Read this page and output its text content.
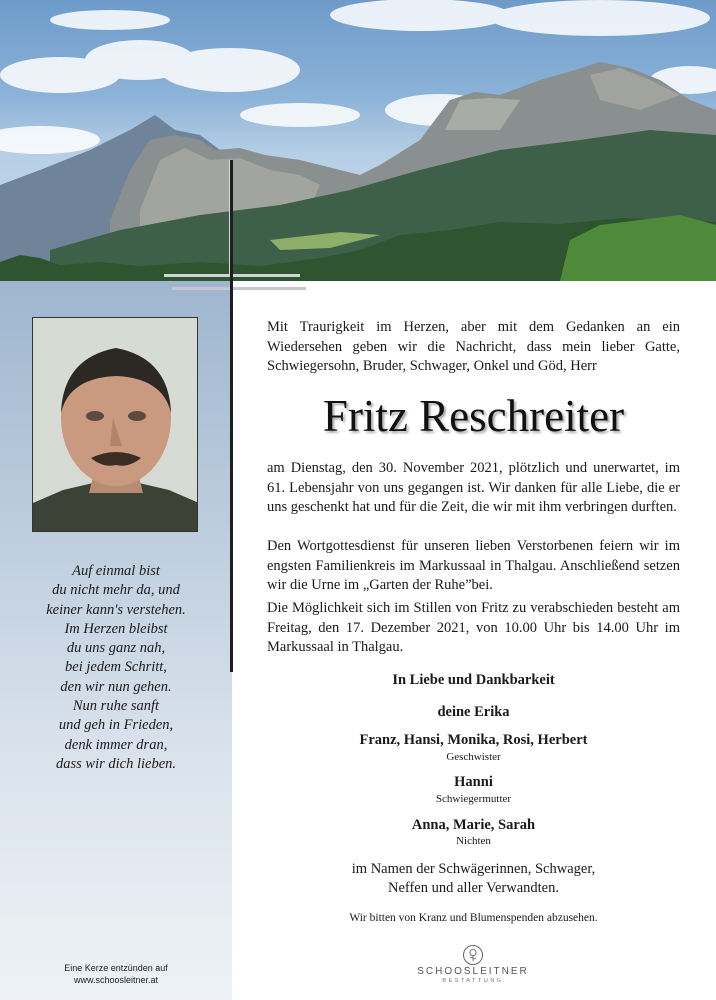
Auf einmal bist
du nicht mehr da, und
keiner kann's verstehen.
Im Herzen bleibst
du uns ganz nah,
bei jedem Schritt,
den wir nun gehen.
Nun ruhe sanft
und geh in Frieden,
denk immer dran,
dass wir dich lieben.
Eine Kerze entzünden auf
www.schoosleitner.at
Mit Traurigkeit im Herzen, aber mit dem Gedanken an ein Wiedersehen geben wir die Nachricht, dass mein lieber Gatte, Schwiegersohn, Bruder, Schwager, Onkel und Göd, Herr
Fritz Reschreiter

am Dienstag, den 30. November 2021, plötzlich und unerwartet, im 61. Lebensjahr von uns gegangen ist. Wir danken für alle Liebe, die er uns geschenkt hat und für die Zeit, die wir mit ihm verbringen durften.

Den Wortgottesdienst für unseren lieben Verstorbenen feiern wir im engsten Familienkreis im Markussaal in Thalgau. Anschließend setzen wir die Urne im „Garten der Ruhe”bei.

Die Möglichkeit sich im Stillen von Fritz zu verabschieden besteht am Freitag, den 17. Dezember 2021, von 10.00 Uhr bis 14.00 Uhr im Markussaal in Thalgau.

In Liebe und Dankbarkeit
deine Erika
Franz, Hansi, Monika, Rosi, Herbert
Geschwister
Hanni
Schwiegermutter
Anna, Marie, Sarah
Nichten
im Namen der Schwägerinnen, Schwager,
Neffen und aller Verwandten.
Wir bitten von Kranz und Blumenspenden abzusehen.
SCHOOSLEITNER
BESTATTUNG
